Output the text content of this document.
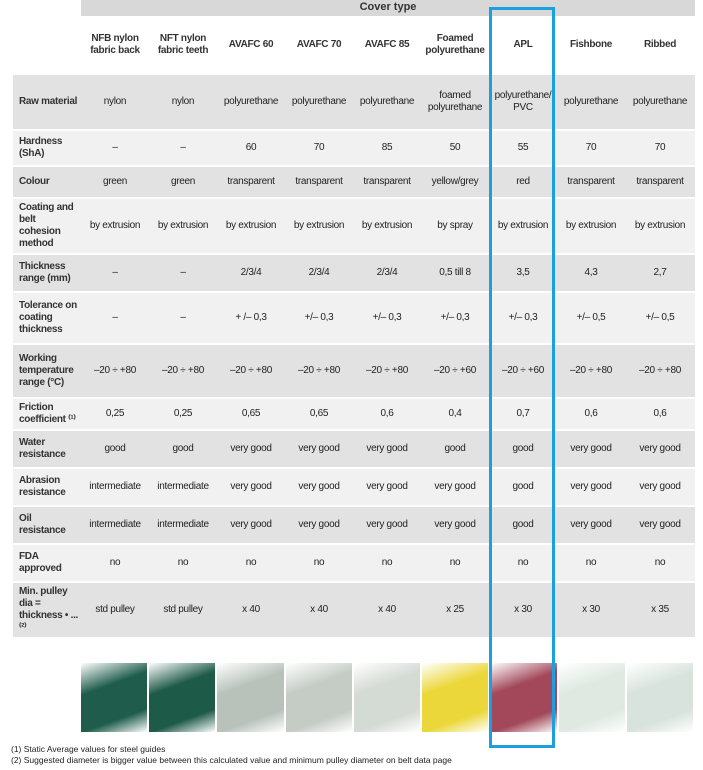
Cover type
	NFB nylon fabric back	NFT nylon fabric teeth	AVAFC 60	AVAFC 70	AVAFC 85	Foamed polyurethane	APL	Fishbone	Ribbed
Raw material	nylon	nylon	polyurethane	polyurethane	polyurethane	foamed polyurethane	polyurethane/ PVC	polyurethane	polyurethane
Hardness (ShA)	–	–	60	70	85	50	55	70	70
Colour	green	green	transparent	transparent	transparent	yellow/grey	red	transparent	transparent
Coating and belt cohesion method	by extrusion	by extrusion	by extrusion	by extrusion	by extrusion	by spray	by extrusion	by extrusion	by extrusion
Thickness range (mm)	–	–	2/3/4	2/3/4	2/3/4	0,5 till 8	3,5	4,3	2,7
Tolerance on coating thickness	–	–	+ /– 0,3	+/– 0,3	+/– 0,3	+/– 0,3	+/– 0,3	+/– 0,5	+/– 0,5
Working temperature range (°C)	–20 ÷ +80	–20 ÷ +80	–20 ÷ +80	–20 ÷ +80	–20 ÷ +80	–20 ÷ +60	–20 ÷ +60	–20 ÷ +80	–20 ÷ +80
Friction coefficient ⁽¹⁾	0,25	0,25	0,65	0,65	0,6	0,4	0,7	0,6	0,6
Water resistance	good	good	very good	very good	very good	good	good	very good	very good
Abrasion resistance	intermediate	intermediate	very good	very good	very good	very good	good	very good	very good
Oil resistance	intermediate	intermediate	very good	very good	very good	very good	good	very good	very good
FDA approved	no	no	no	no	no	no	no	no	no
Min. pulley dia = thickness • ... ⁽²⁾	std pulley	std pulley	x 40	x 40	x 40	x 25	x 30	x 30	x 35
(1) Static Average values for steel guides
(2) Suggested diameter is bigger value between this calculated value and minimum pulley diameter on belt data page
